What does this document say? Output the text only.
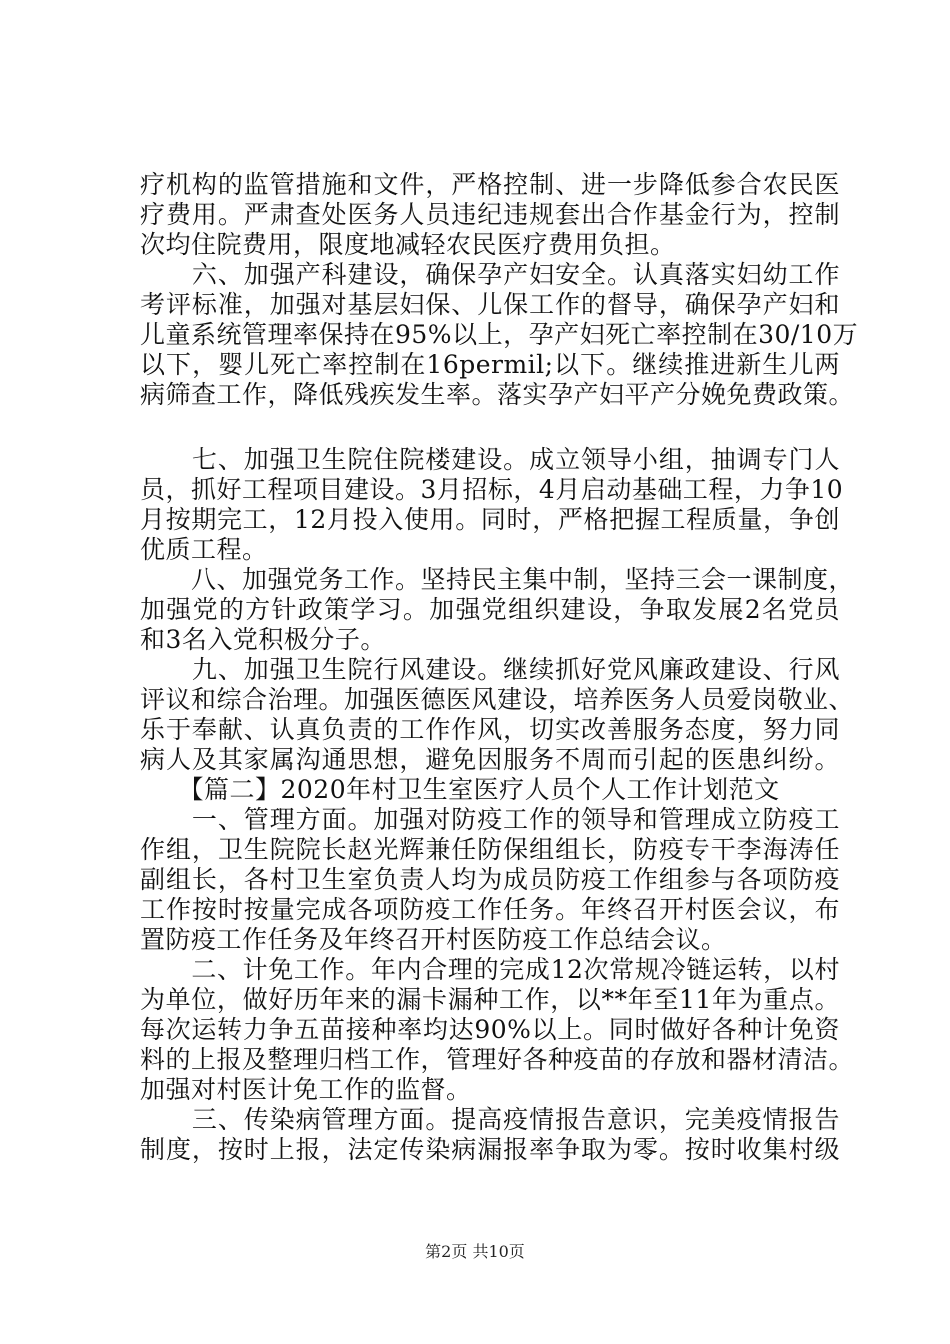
疗机构的监管措施和文件，严格控制、进一步降低参合农民医
疗费用。严肃查处医务人员违纪违规套出合作基金行为，控制
次均住院费用，限度地减轻农民医疗费用负担。
　　六、加强产科建设，确保孕产妇安全。认真落实妇幼工作
考评标准，加强对基层妇保、儿保工作的督导，确保孕产妇和
儿童系统管理率保持在95%以上，孕产妇死亡率控制在30/10万
以下，婴儿死亡率控制在16permil;以下。继续推进新生儿两
病筛查工作，降低残疾发生率。落实孕产妇平产分娩免费政策。
　　七、加强卫生院住院楼建设。成立领导小组，抽调专门人
员，抓好工程项目建设。3月招标，4月启动基础工程，力争10
月按期完工，12月投入使用。同时，严格把握工程质量，争创
优质工程。
　　八、加强党务工作。坚持民主集中制，坚持三会一课制度，
加强党的方针政策学习。加强党组织建设，争取发展2名党员
和3名入党积极分子。
　　九、加强卫生院行风建设。继续抓好党风廉政建设、行风
评议和综合治理。加强医德医风建设，培养医务人员爱岗敬业、
乐于奉献、认真负责的工作作风，切实改善服务态度，努力同
病人及其家属沟通思想，避免因服务不周而引起的医患纠纷。
　　【篇二】2020年村卫生室医疗人员个人工作计划范文
　　一、管理方面。加强对防疫工作的领导和管理成立防疫工
作组，卫生院院长赵光辉兼任防保组组长，防疫专干李海涛任
副组长，各村卫生室负责人均为成员防疫工作组参与各项防疫
工作按时按量完成各项防疫工作任务。年终召开村医会议，布
置防疫工作任务及年终召开村医防疫工作总结会议。
　　二、计免工作。年内合理的完成12次常规冷链运转，以村
为单位，做好历年来的漏卡漏种工作，以**年至11年为重点。
每次运转力争五苗接种率均达90%以上。同时做好各种计免资
料的上报及整理归档工作，管理好各种疫苗的存放和器材清洁。
加强对村医计免工作的监督。
　　三、传染病管理方面。提高疫情报告意识，完美疫情报告
制度，按时上报，法定传染病漏报率争取为零。按时收集村级
第2页 共10页
